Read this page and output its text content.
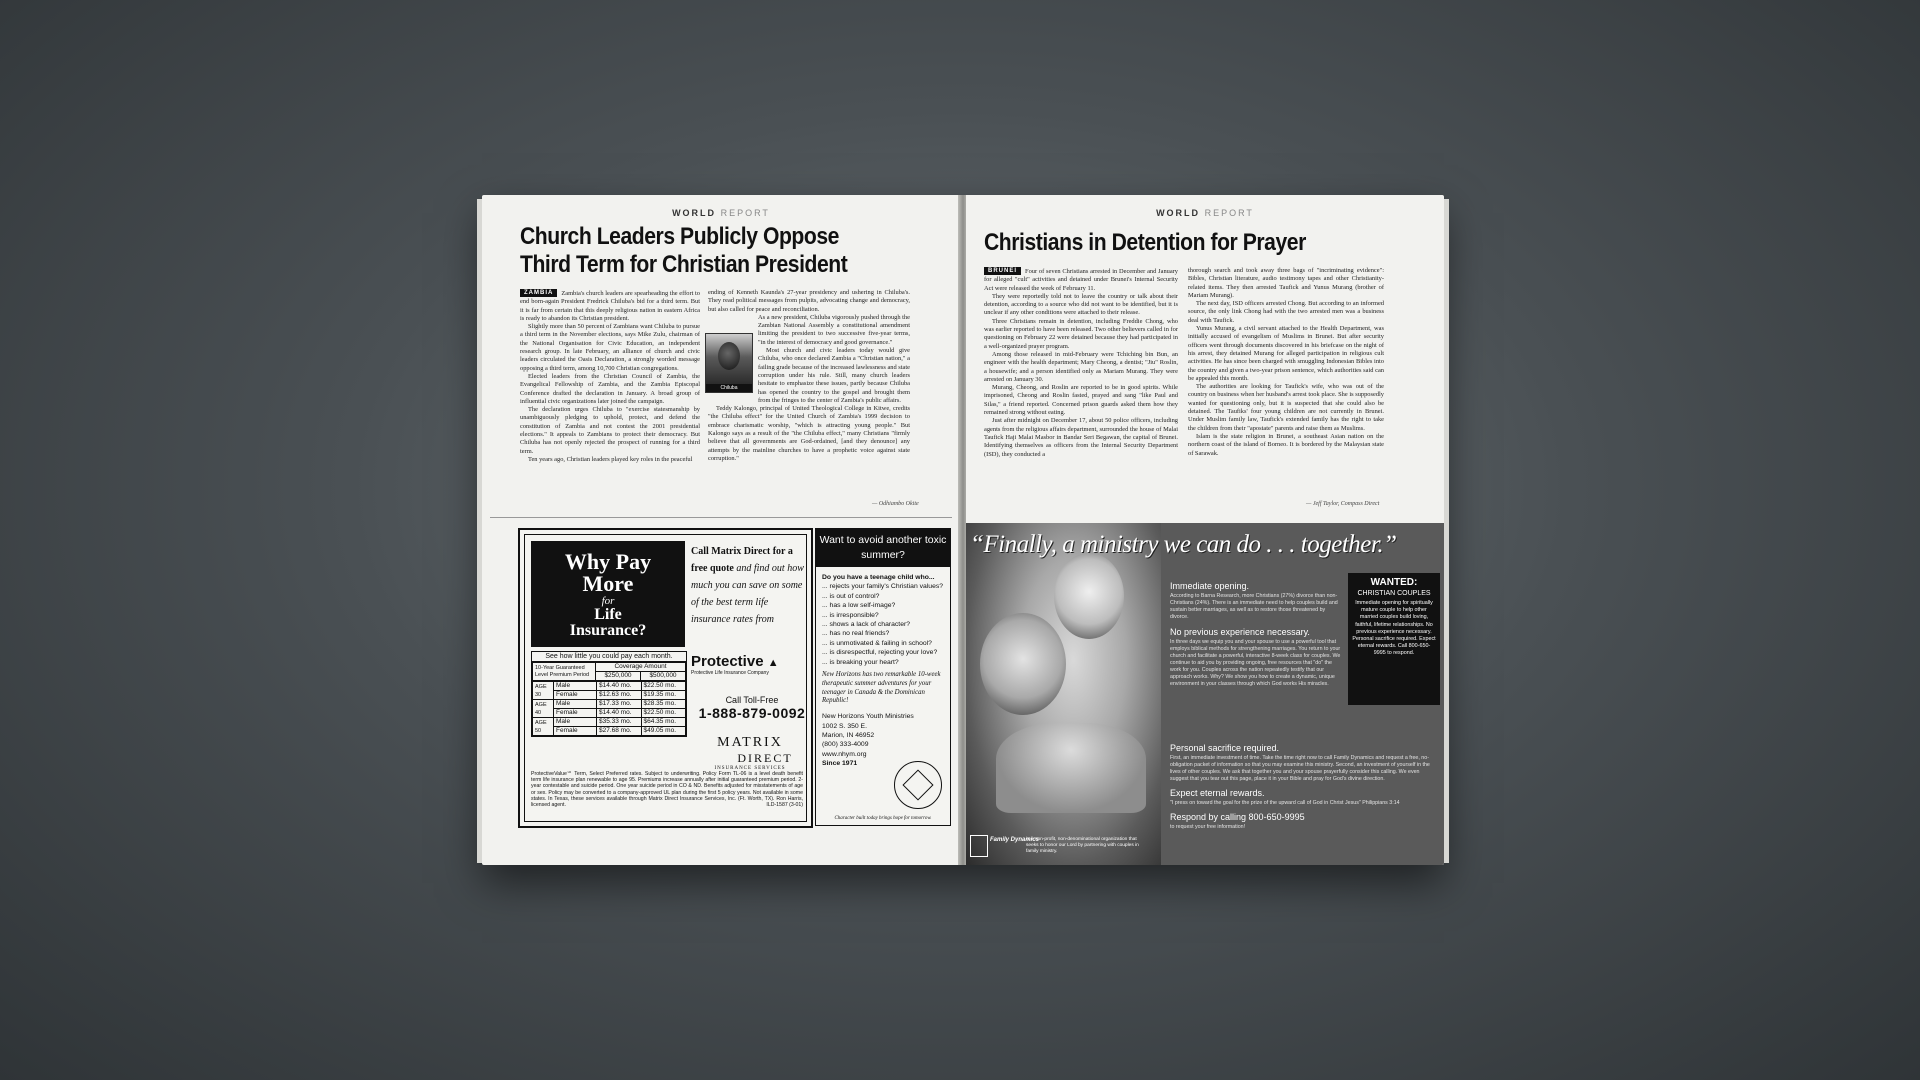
WORLD REPORT
Church Leaders Publicly Oppose
Third Term for Christian President

ZAMBIA Zambia's church leaders are spearheading the effort to end born-again President Fredrick Chiluba's bid for a third term. But it is far from certain that this deeply religious nation in eastern Africa is ready to abandon its Christian president.

Slightly more than 50 percent of Zambians want Chiluba to pursue a third term in the November elections, says Mike Zulu, chairman of the National Organisation for Civic Education, an independent research group. In late February, an alliance of church and civic leaders circulated the Oasis Declaration, a strongly worded message opposing a third term, among 10,700 Christian congregations.

Elected leaders from the Christian Council of Zambia, the Evangelical Fellowship of Zambia, and the Zambia Episcopal Conference drafted the declaration in January. A broad group of influential civic organizations later joined the campaign.

The declaration urges Chiluba to "exercise statesmanship by unambiguously pledging to uphold, protect, and defend the constitution of Zambia and not contest the 2001 presidential elections." It appeals to Zambians to protect their democracy. But Chiluba has not openly rejected the prospect of running for a third term.

Ten years ago, Christian leaders played key roles in the peaceful

Chiluba

ending of Kenneth Kaunda's 27-year presidency and ushering in Chiluba's. They read political messages from pulpits, advocating change and democracy, but also called for peace and reconciliation.

As a new president, Chiluba vigorously pushed through the Zambian National Assembly a constitutional amendment limiting the president to two successive five-year terms, "in the interest of democracy and good governance."

Most church and civic leaders today would give Chiluba, who once declared Zambia a "Christian nation," a failing grade because of the increased lawlessness and state corruption under his rule. Still, many church leaders hesitate to emphasize these issues, partly because Chiluba has opened the country to the gospel and brought them from the fringes to the center of Zambia's public affairs.

Teddy Kalongo, principal of United Theological College in Kitwe, credits "the Chiluba effect" for the United Church of Zambia's 1999 decision to embrace charismatic worship, "which is attracting young people." But Kalongo says as a result of the "the Chiluba effect," many Christians "firmly believe that all governments are God-ordained, [and they denounce] any attempts by the mainline churches to have a prophetic voice against state corruption."

— Odhiambo Okite
Why Pay
More
for
Life
Insurance?
Call Matrix Direct for a free quote and find out how much you can save on some of the best term life insurance rates from
Protective ▲
Protective Life Insurance Company
Call Toll-Free
1-888-879-0092
MATRIX
DIRECT
INSURANCE SERVICES
See how little you could pay each month.
10-Year Guaranteed Level Premium Period	Coverage Amount	
	$250,000	$500,000
AGE 30	Male	$14.40 mo.	$22.50 mo.
	Female	$12.63 mo.	$19.35 mo.
AGE 40	Male	$17.33 mo.	$28.35 mo.
	Female	$14.40 mo.	$22.50 mo.
AGE 50	Male	$35.33 mo.	$64.35 mo.
	Female	$27.68 mo.	$49.05 mo.
ProtectiveValue℠ Term, Select Preferred rates. Subject to underwriting. Policy Form TL-06 is a level death benefit term life insurance plan renewable to age 95. Premiums increase annually after initial guaranteed premium period. 2-year contestable and suicide period. One year suicide period in CO & ND. Benefits adjusted for misstatements of age or sex. Policy may be converted to a company-approved UL plan during the first 5 policy years. Not available in some states. In Texas, these services available through Matrix Direct Insurance Services, Inc. (Ft. Worth, TX). Ron Harris, licensed agent.	ILD-1587 (3-01)
Want to avoid another toxic summer?
Do you have a teenage child who...
... rejects your family's Christian values?
... is out of control?
... has a low self-image?
... is irresponsible?
... shows a lack of character?
... has no real friends?
... is unmotivated & failing in school?
... is disrespectful, rejecting your love?
... is breaking your heart?
New Horizons has two remarkable 10-week therapeutic summer adventures for your teenager in Canada & the Dominican Republic!
New Horizons Youth Ministries
1002 S. 350 E.
Marion, IN 46952
(800) 333-4009
www.nhym.org
Since 1971
Character built today brings hope for tomorrow.
WORLD REPORT
Christians in Detention for Prayer

BRUNEI Four of seven Christians arrested in December and January for alleged "cult" activities and detained under Brunei's Internal Security Act were released the week of February 11.

They were reportedly told not to leave the country or talk about their detention, according to a source who did not want to be identified, but it is unclear if any other conditions were attached to their release.

Three Christians remain in detention, including Freddie Chong, who was earlier reported to have been released. Two other believers called in for questioning on February 22 were detained because they had participated in a well-organized prayer program.

Among those released in mid-February were Tchiching bin Bun, an engineer with the health department; Mary Cheong, a dentist; "Jiu" Roslin, a housewife; and a person identified only as Mariam Murang. They were arrested on January 30.

Murang, Cheong, and Roslin are reported to be in good spirits. While imprisoned, Cheong and Roslin fasted, prayed and sang "like Paul and Silas," a friend reported. Concerned prison guards asked them how they remained strong without eating.

Just after midnight on December 17, about 50 police officers, including agents from the religious affairs department, surrounded the house of Malai Taufick Haji Malai Masbor in Bandar Seri Begawan, the capital of Brunei. Identifying themselves as officers from the Internal Security Department (ISD), they conducted a

thorough search and took away three bags of "incriminating evidence": Bibles, Christian literature, audio testimony tapes and other Christianity-related items. They then arrested Taufick and Yunus Murang (brother of Mariam Murang).

The next day, ISD officers arrested Chong. But according to an informed source, the only link Chong had with the two arrested men was a business deal with Taufick.

Yunus Murang, a civil servant attached to the Health Department, was initially accused of evangelism of Muslims in Brunei. But after security officers went through documents discovered in his briefcase on the night of his arrest, they detained Murang for alleged participation in religious cult activities. He has since been charged with smuggling Indonesian Bibles into the country and given a two-year prison sentence, which authorities said can be appealed this month.

The authorities are looking for Taufick's wife, who was out of the country on business when her husband's arrest took place. She is supposedly wanted for questioning only, but it is suspected that she could also be detained. The Taufiks' four young children are not currently in Brunei. Under Muslim family law, Taufick's extended family has the right to take the children from their "apostate" parents and raise them as Muslims.

Islam is the state religion in Brunei, a southeast Asian nation on the northern coast of the island of Borneo. It is bordered by the Malaysian state of Sarawak.

— Jeff Taylor, Compass Direct
“Finally, a ministry we can do . . . together.”
Immediate opening.

According to Barna Research, more Christians (27%) divorce than non-Christians (24%). There is an immediate need to help couples build and sustain better marriages, as well as to restore those threatened by divorce.

No previous experience necessary.

In three days we equip you and your spouse to use a powerful tool that employs biblical methods for strengthening marriages. You return to your church and facilitate a powerful, interactive 8-week class for couples. We continue to aid you by providing ongoing, free resources that "do" the work for you. Couples across the nation repeatedly testify that our approach works. Why? We show you how to create a dynamic, unique environment in your classes through which God works His miracles.

WANTED:
CHRISTIAN COUPLES
Immediate opening for spiritually mature couple to help other married couples build loving, faithful, lifetime relationships. No previous experience necessary. Personal sacrifice required. Expect eternal rewards. Call 800-650-9995 to respond.
Personal sacrifice required.

First, an immediate investment of time. Take the time right now to call Family Dynamics and request a free, no-obligation packet of information so that you may examine this ministry. Second, an investment of yourself in the lives of other couples. We ask that together you and your spouse prayerfully consider this calling. We even suggest that you tear out this page, place it in your Bible and pray for God's divine direction.

Expect eternal rewards.

"I press on toward the goal for the prize of the upward call of God in Christ Jesus" Philippians 3:14

Respond by calling 800-650-9995

to request your free information!

Family Dynamics
is a non-profit, non-denominational organization that seeks to honor our Lord by partnering with couples in family ministry.
